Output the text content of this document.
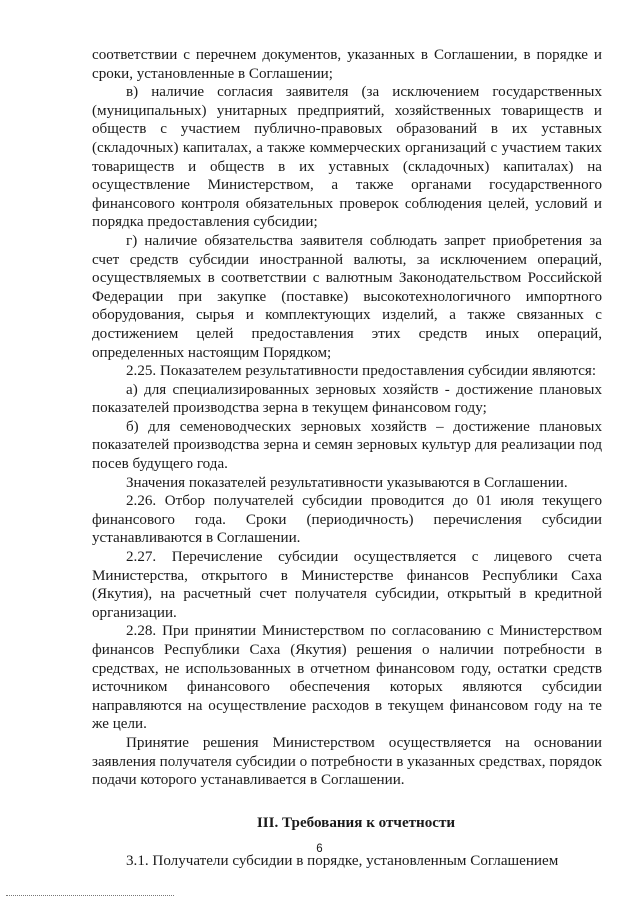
соответствии с перечнем документов, указанных в Соглашении, в порядке и сроки, установленные в Соглашении;

в) наличие согласия заявителя (за исключением государственных (муниципальных) унитарных предприятий, хозяйственных товариществ и обществ с участием публично-правовых образований в их уставных (складочных) капиталах, а также коммерческих организаций с участием таких товариществ и обществ в их уставных (складочных) капиталах) на осуществление Министерством, а также органами государственного финансового контроля обязательных проверок соблюдения целей, условий и порядка предоставления субсидии;

г) наличие обязательства заявителя соблюдать запрет приобретения за счет средств субсидии иностранной валюты, за исключением операций, осуществляемых в соответствии с валютным Законодательством Российской Федерации при закупке (поставке) высокотехнологичного импортного оборудования, сырья и комплектующих изделий, а также связанных с достижением целей предоставления этих средств иных операций, определенных настоящим Порядком;

2.25. Показателем результативности предоставления субсидии являются:

а) для специализированных зерновых хозяйств - достижение плановых показателей производства зерна в текущем финансовом году;

б) для семеноводческих зерновых хозяйств – достижение плановых показателей производства зерна и семян зерновых культур для реализации под посев будущего года.

Значения показателей результативности указываются в Соглашении.

2.26. Отбор получателей субсидии проводится до 01 июля текущего финансового года. Сроки (периодичность) перечисления субсидии устанавливаются в Соглашении.

2.27. Перечисление субсидии осуществляется с лицевого счета Министерства, открытого в Министерстве финансов Республики Саха (Якутия), на расчетный счет получателя субсидии, открытый в кредитной организации.

2.28. При принятии Министерством по согласованию с Министерством финансов Республики Саха (Якутия) решения о наличии потребности в средствах, не использованных в отчетном финансовом году, остатки средств источником финансового обеспечения которых являются субсидии направляются на осуществление расходов в текущем финансовом году на те же цели.

Принятие решения Министерством осуществляется на основании заявления получателя субсидии о потребности в указанных средствах, порядок подачи которого устанавливается в Соглашении.

III. Требования к отчетности

3.1. Получатели субсидии в порядке, установленным Соглашением

6
